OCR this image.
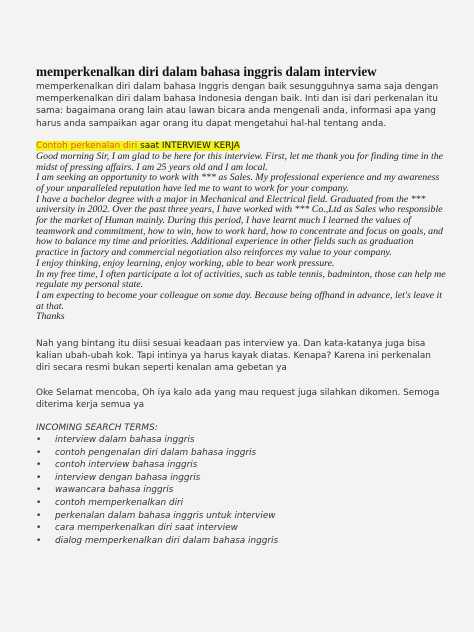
memperkenalkan diri dalam bahasa inggris dalam interview

memperkenalkan diri dalam bahasa Inggris dengan baik sesungguhnya sama saja dengan memperkenalkan diri dalam bahasa Indonesia dengan baik. Inti dan isi dari perkenalan itu sama: bagaimana orang lain atau lawan bicara anda mengenali anda, informasi apa yang harus anda sampaikan agar orang itu dapat mengetahui hal-hal tentang anda.

Contoh perkenalan diri saat INTERVIEW KERJA

Good morning Sir, I am glad to be here for this interview. First, let me thank you for finding time in the midst of pressing affairs. I am 25 years old and I am local.

I am seeking an opportunity to work with *** as Sales. My professional experience and my awareness of your unparalleled reputation have led me to want to work for your company.

I have a bachelor degree with a major in Mechanical and Electrical field. Graduated from the *** university in 2002. Over the past three years, I have worked with *** Co.,Ltd as Sales who responsible for the market of Human mainly. During this period, I have learnt much I learned the values of teamwork and commitment, how to win, how to work hard, how to concentrate and focus on goals, and how to balance my time and priorities. Additional experience in other fields such as graduation practice in factory and commercial negotiation also reinforces my value to your company.

I enjoy thinking, enjoy learning, enjoy working, able to bear work pressure.

In my free time, I often participate a lot of activities, such as table tennis, badminton, those can help me regulate my personal state.

I am expecting to become your colleague on some day. Because being offhand in advance, let's leave it at that.

Thanks

Nah yang bintang itu diisi sesuai keadaan pas interview ya. Dan kata-katanya juga bisa kalian ubah-ubah kok. Tapi intinya ya harus kayak diatas. Kenapa? Karena ini perkenalan diri secara resmi bukan seperti kenalan ama gebetan ya

Oke Selamat mencoba, Oh iya kalo ada yang mau request juga silahkan dikomen. Semoga diterima kerja semua ya

INCOMING SEARCH TERMS:

• interview dalam bahasa inggris
• contoh pengenalan diri dalam bahasa inggris
• contoh interview bahasa inggris
• interview dengan bahasa inggris
• wawancara bahasa inggris
• contoh memperkenalkan diri
• perkenalan dalam bahasa inggris untuk interview
• cara memperkenalkan diri saat interview
• dialog memperkenalkan diri dalam bahasa inggris
